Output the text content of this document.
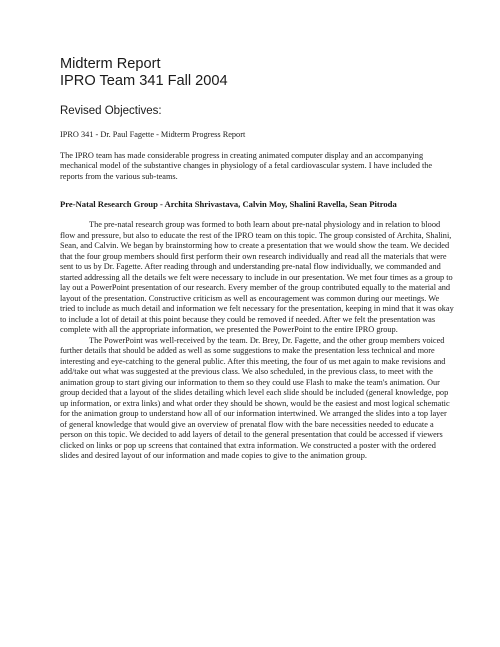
Midterm Report
IPRO Team 341 Fall 2004

Revised Objectives:

IPRO 341 - Dr. Paul Fagette - Midterm Progress Report

The IPRO team has made considerable progress in creating animated computer display and an accompanying mechanical model of the substantive changes in physiology of a fetal cardiovascular system. I have included the reports from the various sub-teams.

Pre-Natal Research Group - Archita Shrivastava, Calvin Moy, Shalini Ravella, Sean Pitroda

The pre-natal research group was formed to both learn about pre-natal physiology and in relation to blood flow and pressure, but also to educate the rest of the IPRO team on this topic. The group consisted of Archita, Shalini, Sean, and Calvin. We began by brainstorming how to create a presentation that we would show the team. We decided that the four group members should first perform their own research individually and read all the materials that were sent to us by Dr. Fagette. After reading through and understanding pre-natal flow individually, we commanded and started addressing all the details we felt were necessary to include in our presentation. We met four times as a group to lay out a PowerPoint presentation of our research. Every member of the group contributed equally to the material and layout of the presentation. Constructive criticism as well as encouragement was common during our meetings. We tried to include as much detail and information we felt necessary for the presentation, keeping in mind that it was okay to include a lot of detail at this point because they could be removed if needed. After we felt the presentation was complete with all the appropriate information, we presented the PowerPoint to the entire IPRO group.

The PowerPoint was well-received by the team. Dr. Brey, Dr. Fagette, and the other group members voiced further details that should be added as well as some suggestions to make the presentation less technical and more interesting and eye-catching to the general public. After this meeting, the four of us met again to make revisions and add/take out what was suggested at the previous class. We also scheduled, in the previous class, to meet with the animation group to start giving our information to them so they could use Flash to make the team's animation. Our group decided that a layout of the slides detailing which level each slide should be included (general knowledge, pop up information, or extra links) and what order they should be shown, would be the easiest and most logical schematic for the animation group to understand how all of our information intertwined. We arranged the slides into a top layer of general knowledge that would give an overview of prenatal flow with the bare necessities needed to educate a person on this topic. We decided to add layers of detail to the general presentation that could be accessed if viewers clicked on links or pop up screens that contained that extra information. We constructed a poster with the ordered slides and desired layout of our information and made copies to give to the animation group.
